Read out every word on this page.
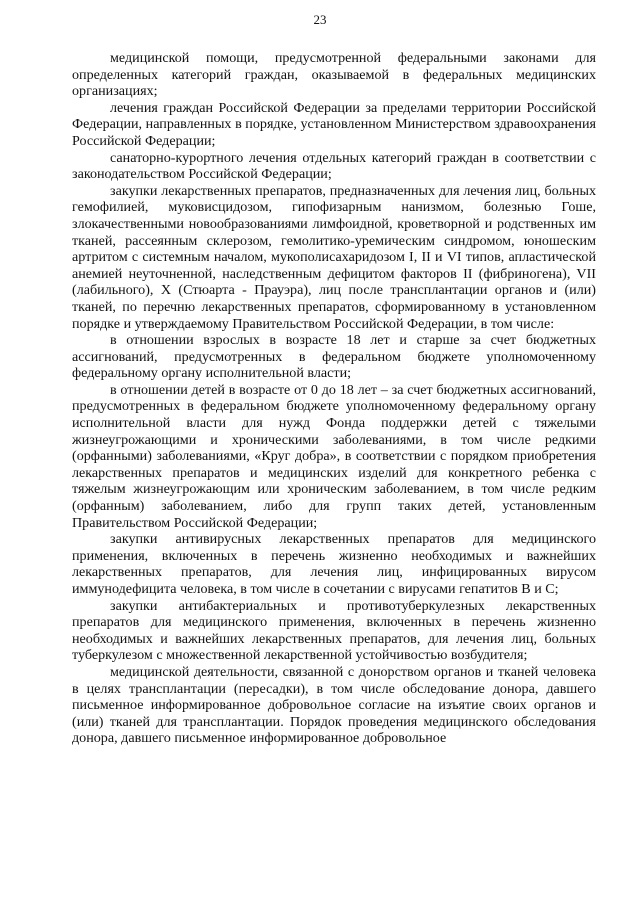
23

медицинской помощи, предусмотренной федеральными законами для определенных категорий граждан, оказываемой в федеральных медицинских организациях;

лечения граждан Российской Федерации за пределами территории Российской Федерации, направленных в порядке, установленном Министерством здравоохранения Российской Федерации;

санаторно-курортного лечения отдельных категорий граждан в соответствии с законодательством Российской Федерации;

закупки лекарственных препаратов, предназначенных для лечения лиц, больных гемофилией, муковисцидозом, гипофизарным нанизмом, болезнью Гоше, злокачественными новообразованиями лимфоидной, кроветворной и родственных им тканей, рассеянным склерозом, гемолитико-уремическим синдромом, юношеским артритом с системным началом, мукополисахаридозом I, II и VI типов, апластической анемией неуточненной, наследственным дефицитом факторов II (фибриногена), VII (лабильного), X (Стюарта - Прауэра), лиц после трансплантации органов и (или) тканей, по перечню лекарственных препаратов, сформированному в установленном порядке и утверждаемому Правительством Российской Федерации, в том числе:

в отношении взрослых в возрасте 18 лет и старше за счет бюджетных ассигнований, предусмотренных в федеральном бюджете уполномоченному федеральному органу исполнительной власти;

в отношении детей в возрасте от 0 до 18 лет – за счет бюджетных ассигнований, предусмотренных в федеральном бюджете уполномоченному федеральному органу исполнительной власти для нужд Фонда поддержки детей с тяжелыми жизнеугрожающими и хроническими заболеваниями, в том числе редкими (орфанными) заболеваниями, «Круг добра», в соответствии с порядком приобретения лекарственных препаратов и медицинских изделий для конкретного ребенка с тяжелым жизнеугрожающим или хроническим заболеванием, в том числе редким (орфанным) заболеванием, либо для групп таких детей, установленным Правительством Российской Федерации;

закупки антивирусных лекарственных препаратов для медицинского применения, включенных в перечень жизненно необходимых и важнейших лекарственных препаратов, для лечения лиц, инфицированных вирусом иммунодефицита человека, в том числе в сочетании с вирусами гепатитов B и C;

закупки антибактериальных и противотуберкулезных лекарственных препаратов для медицинского применения, включенных в перечень жизненно необходимых и важнейших лекарственных препаратов, для лечения лиц, больных туберкулезом с множественной лекарственной устойчивостью возбудителя;

медицинской деятельности, связанной с донорством органов и тканей человека в целях трансплантации (пересадки), в том числе обследование донора, давшего письменное информированное добровольное согласие на изъятие своих органов и (или) тканей для трансплантации. Порядок проведения медицинского обследования донора, давшего письменное информированное добровольное
